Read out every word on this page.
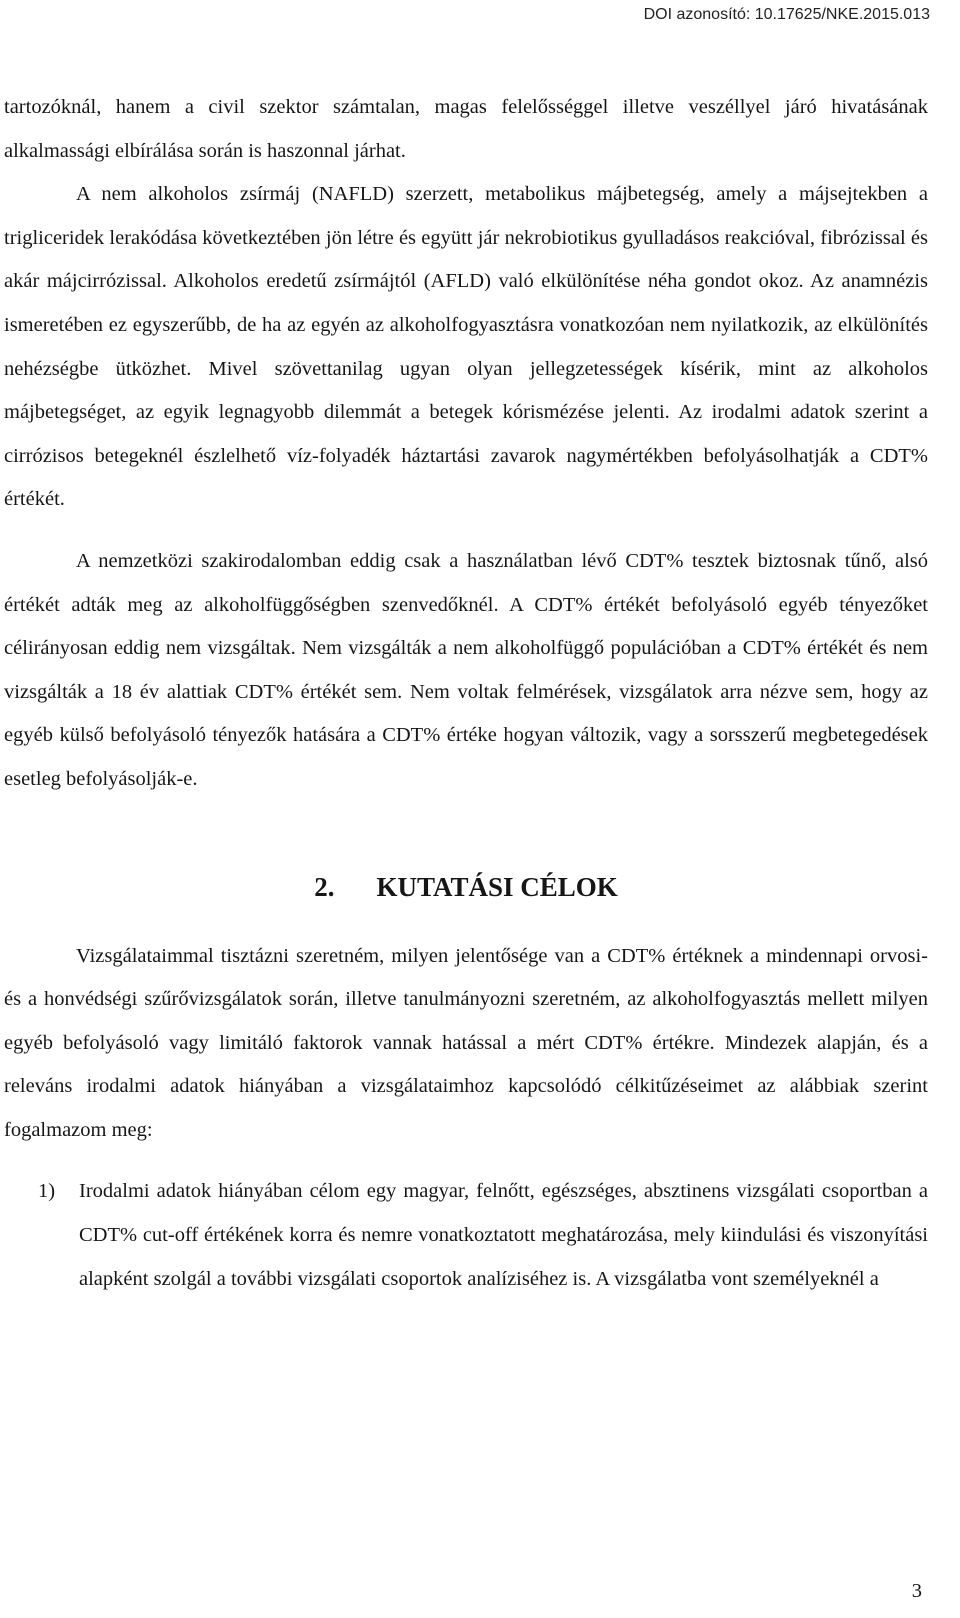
DOI azonosító: 10.17625/NKE.2015.013

tartozóknál, hanem a civil szektor számtalan, magas felelősséggel illetve veszéllyel járó hivatásának alkalmassági elbírálása során is haszonnal járhat.

A nem alkoholos zsírmáj (NAFLD) szerzett, metabolikus májbetegség, amely a májsejtekben a trigliceridek lerakódása következtében jön létre és együtt jár nekrobiotikus gyulladásos reakcióval, fibrózissal és akár májcirrózissal. Alkoholos eredetű zsírmájtól (AFLD) való elkülönítése néha gondot okoz. Az anamnézis ismeretében ez egyszerűbb, de ha az egyén az alkoholfogyasztásra vonatkozóan nem nyilatkozik, az elkülönítés nehézségbe ütközhet. Mivel szövettanilag ugyan olyan jellegzetességek kísérik, mint az alkoholos májbetegséget, az egyik legnagyobb dilemmát a betegek kórismézése jelenti. Az irodalmi adatok szerint a cirrózisos betegeknél észlelhető víz-folyadék háztartási zavarok nagymértékben befolyásolhatják a CDT% értékét.

A nemzetközi szakirodalomban eddig csak a használatban lévő CDT% tesztek biztosnak tűnő, alsó értékét adták meg az alkoholfüggőségben szenvedőknél. A CDT% értékét befolyásoló egyéb tényezőket célirányosan eddig nem vizsgáltak. Nem vizsgálták a nem alkoholfüggő populációban a CDT% értékét és nem vizsgálták a 18 év alattiak CDT% értékét sem. Nem voltak felmérések, vizsgálatok arra nézve sem, hogy az egyéb külső befolyásoló tényezők hatására a CDT% értéke hogyan változik, vagy a sorsszerű megbetegedések esetleg befolyásolják-e.

2. KUTATÁSI CÉLOK

Vizsgálataimmal tisztázni szeretném, milyen jelentősége van a CDT% értéknek a mindennapi orvosi- és a honvédségi szűrővizsgálatok során, illetve tanulmányozni szeretném, az alkoholfogyasztás mellett milyen egyéb befolyásoló vagy limitáló faktorok vannak hatással a mért CDT% értékre. Mindezek alapján, és a releváns irodalmi adatok hiányában a vizsgálataimhoz kapcsolódó célkitűzéseimet az alábbiak szerint fogalmazom meg:

1) Irodalmi adatok hiányában célom egy magyar, felnőtt, egészséges, absztinens vizsgálati csoportban a CDT% cut-off értékének korra és nemre vonatkoztatott meghatározása, mely kiindulási és viszonyítási alapként szolgál a további vizsgálati csoportok analíziséhez is. A vizsgálatba vont személyeknél a
3
